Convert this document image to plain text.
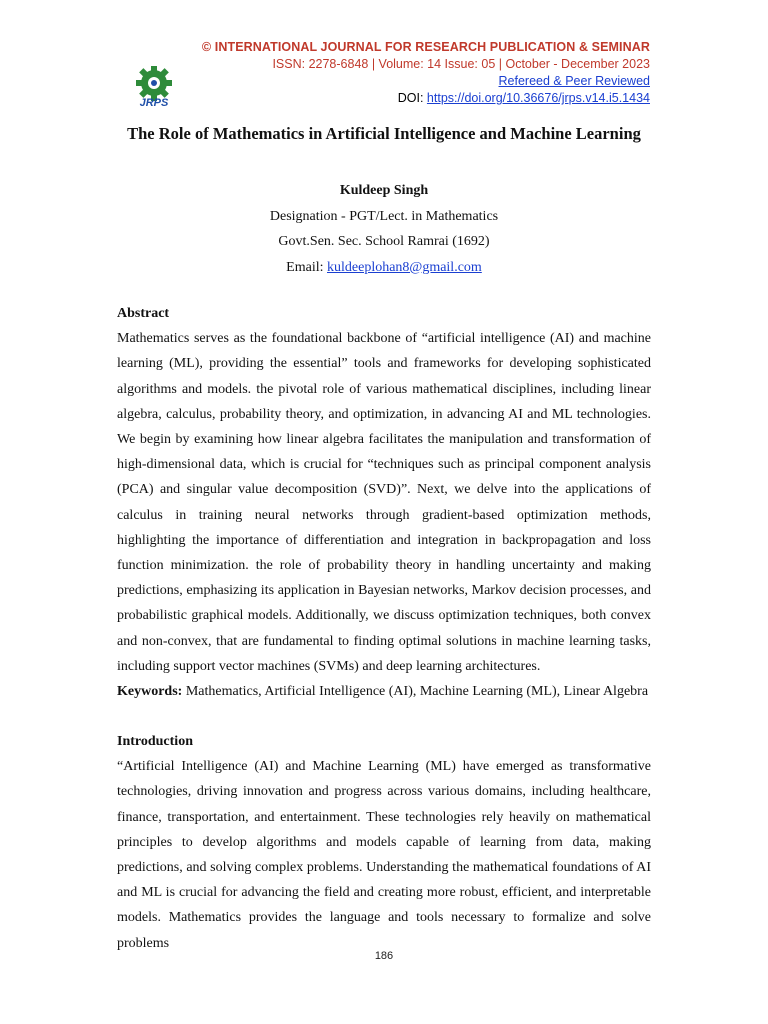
JRPS
© INTERNATIONAL JOURNAL FOR RESEARCH PUBLICATION & SEMINAR
ISSN: 2278-6848 | Volume: 14 Issue: 05 | October - December 2023
Refereed & Peer Reviewed
DOI: https://doi.org/10.36676/jrps.v14.i5.1434
The Role of Mathematics in Artificial Intelligence and Machine Learning
Kuldeep Singh
Designation - PGT/Lect. in Mathematics
Govt.Sen. Sec. School Ramrai (1692)
Email: kuldeeplohan8@gmail.com
Abstract
Mathematics serves as the foundational backbone of “artificial intelligence (AI) and machine learning (ML), providing the essential” tools and frameworks for developing sophisticated algorithms and models. the pivotal role of various mathematical disciplines, including linear algebra, calculus, probability theory, and optimization, in advancing AI and ML technologies. We begin by examining how linear algebra facilitates the manipulation and transformation of high-dimensional data, which is crucial for “techniques such as principal component analysis (PCA) and singular value decomposition (SVD)”. Next, we delve into the applications of calculus in training neural networks through gradient-based optimization methods, highlighting the importance of differentiation and integration in backpropagation and loss function minimization. the role of probability theory in handling uncertainty and making predictions, emphasizing its application in Bayesian networks, Markov decision processes, and probabilistic graphical models. Additionally, we discuss optimization techniques, both convex and non-convex, that are fundamental to finding optimal solutions in machine learning tasks, including support vector machines (SVMs) and deep learning architectures.
Keywords: Mathematics, Artificial Intelligence (AI), Machine Learning (ML), Linear Algebra
Introduction
“Artificial Intelligence (AI) and Machine Learning (ML) have emerged as transformative technologies, driving innovation and progress across various domains, including healthcare, finance, transportation, and entertainment. These technologies rely heavily on mathematical principles to develop algorithms and models capable of learning from data, making predictions, and solving complex problems. Understanding the mathematical foundations of AI and ML is crucial for advancing the field and creating more robust, efficient, and interpretable models. Mathematics provides the language and tools necessary to formalize and solve problems
186
